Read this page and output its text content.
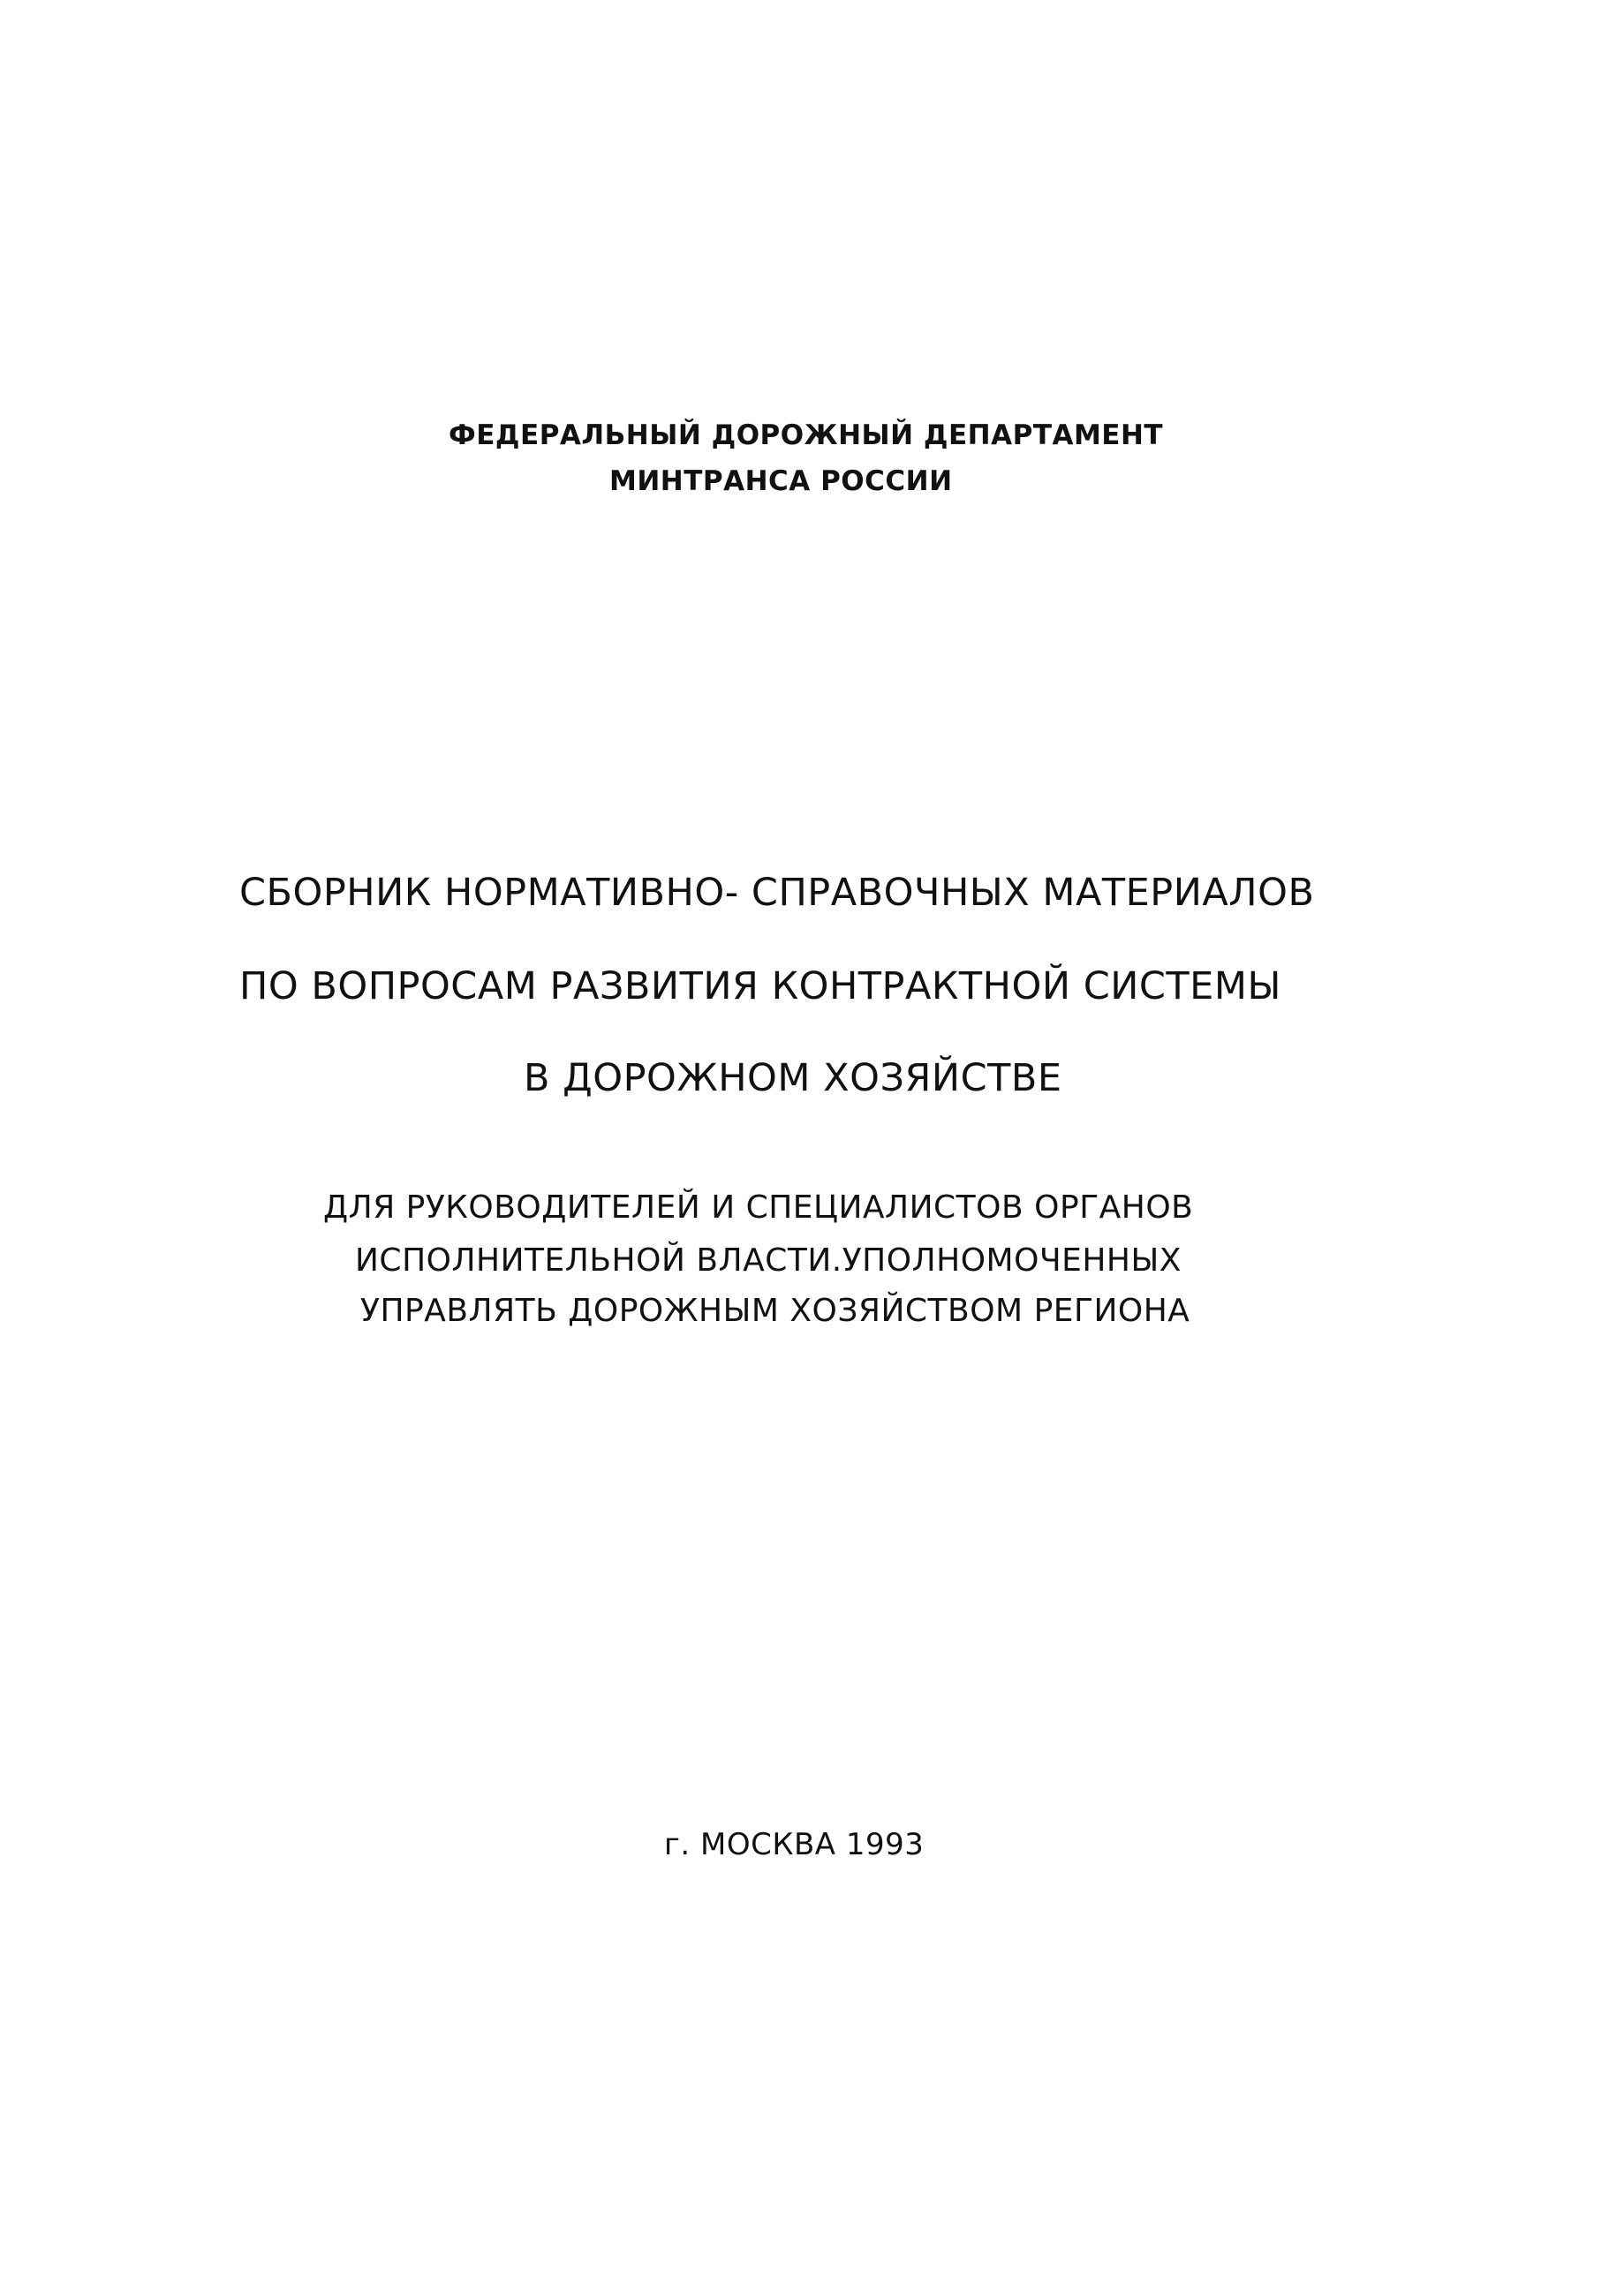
ФЕДЕРАЛЬНЫЙ ДОРОЖНЫЙ ДЕПАРТАМЕНТ
МИНТРАНСА РОССИИ
СБОРНИК НОРМАТИВНО- СПРАВОЧНЫХ МАТЕРИАЛОВ
ПО ВОПРОСАМ РАЗВИТИЯ КОНТРАКТНОЙ СИСТЕМЫ
В ДОРОЖНОМ ХОЗЯЙСТВЕ
ДЛЯ РУКОВОДИТЕЛЕЙ И СПЕЦИАЛИСТОВ ОРГАНОВ
ИСПОЛНИТЕЛЬНОЙ ВЛАСТИ.УПОЛНОМОЧЕННЫХ
УПРАВЛЯТЬ ДОРОЖНЫМ ХОЗЯЙСТВОМ РЕГИОНА
г. МОСКВА 1993
